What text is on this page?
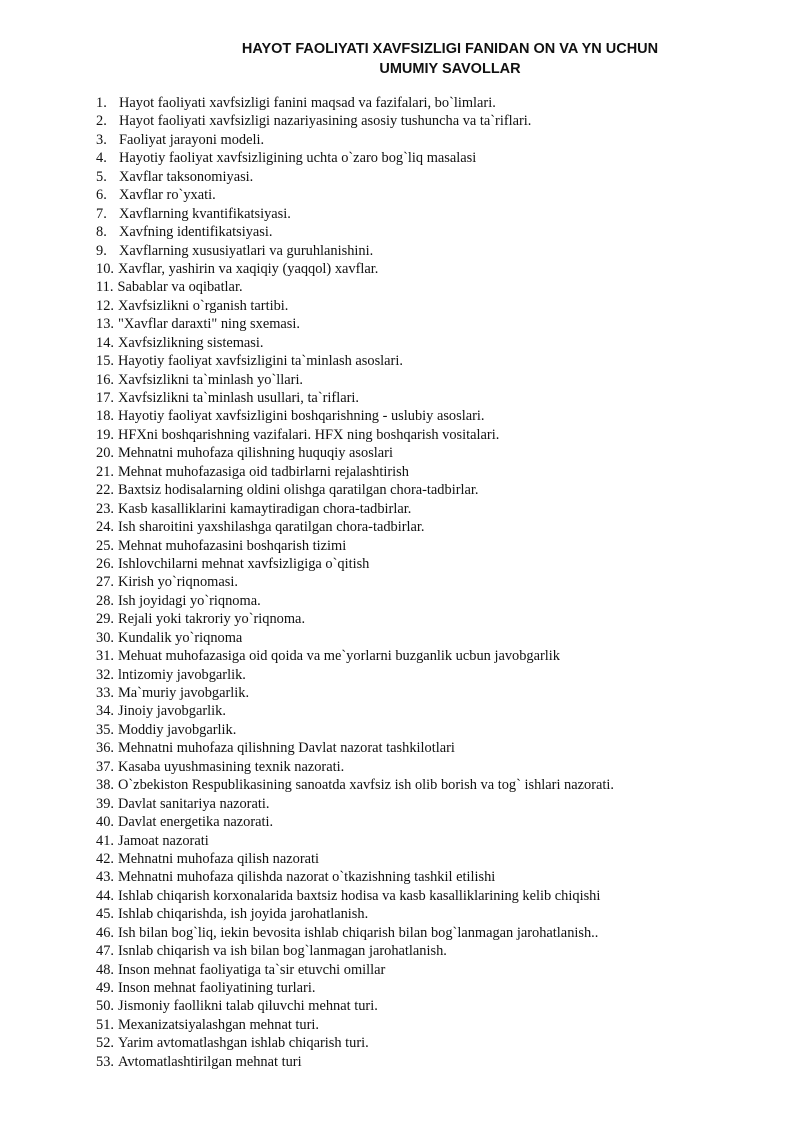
HAYOT FAOLIYATI XAVFSIZLIGI FANIDAN ON VA YN UCHUN
UMUMIY SAVOLLAR
1. Hayot faoliyati xavfsizligi fanini maqsad va fazifalari, bo`limlari.
2. Hayot faoliyati xavfsizligi nazariyasining asosiy tushuncha va ta`riflari.
3. Faoliyat jarayoni modeli.
4. Hayotiy faoliyat xavfsizligining uchta o`zaro bog`liq masalasi
5. Xavflar taksonomiyasi.
6. Xavflar ro`yxati.
7. Xavflarning kvantifikatsiyasi.
8. Xavfning identifikatsiyasi.
9. Xavflarning xususiyatlari va guruhlanishini.
10. Xavflar, yashirin va xaqiqiy (yaqqol) xavflar.
11. Sabablar va oqibatlar.
12. Xavfsizlikni o`rganish tartibi.
13. "Xavflar daraxti" ning sxemasi.
14. Xavfsizlikning sistemasi.
15. Hayotiy faoliyat xavfsizligini ta`minlash asoslari.
16. Xavfsizlikni ta`minlash yo`llari.
17. Xavfsizlikni ta`minlash usullari, ta`riflari.
18. Hayotiy faoliyat xavfsizligini boshqarishning - uslubiy asoslari.
19. HFXni boshqarishning vazifalari. HFX ning boshqarish vositalari.
20. Mehnatni muhofaza qilishning huquqiy asoslari
21. Mehnat muhofazasiga oid tadbirlarni rejalashtirish
22. Baxtsiz hodisalarning oldini olishga qaratilgan chora-tadbirlar.
23. Kasb kasalliklarini kamaytiradigan chora-tadbirlar.
24. Ish sharoitini yaxshilashga qaratilgan chora-tadbirlar.
25. Mehnat muhofazasini boshqarish tizimi
26. Ishlovchilarni mehnat xavfsizligiga o`qitish
27. Kirish yo`riqnomasi.
28. Ish joyidagi yo`riqnoma.
29. Rejali yoki takroriy yo`riqnoma.
30. Kundalik yo`riqnoma
31. Mehuat muhofazasiga oid qoida va me`yorlarni buzganlik ucbun javobgarlik
32. lntizomiy javobgarlik.
33. Ma`muriy javobgarlik.
34. Jinoiy javobgarlik.
35. Moddiy javobgarlik.
36. Mehnatni muhofaza qilishning Davlat nazorat tashkilotlari
37. Kasaba uyushmasining texnik nazorati.
38. O`zbekiston Respublikasining sanoatda xavfsiz ish olib borish va tog` ishlari nazorati.
39. Davlat sanitariya nazorati.
40. Davlat energetika nazorati.
41. Jamoat nazorati
42. Mehnatni muhofaza qilish nazorati
43. Mehnatni muhofaza qilishda nazorat o`tkazishning tashkil etilishi
44. Ishlab chiqarish korxonalarida baxtsiz hodisa va kasb kasalliklarining kelib chiqishi
45. Ishlab chiqarishda, ish joyida jarohatlanish.
46. Ish bilan bog`liq, iekin bevosita ishlab chiqarish bilan bog`lanmagan jarohatlanish..
47. Isnlab chiqarish va ish bilan bog`lanmagan jarohatlanish.
48. Inson mehnat faoliyatiga ta`sir etuvchi omillar
49. Inson mehnat faoliyatining turlari.
50. Jismoniy faollikni talab qiluvchi mehnat turi.
51. Mexanizatsiyalashgan mehnat turi.
52. Yarim avtomatlashgan ishlab chiqarish turi.
53. Avtomatlashtirilgan mehnat turi
